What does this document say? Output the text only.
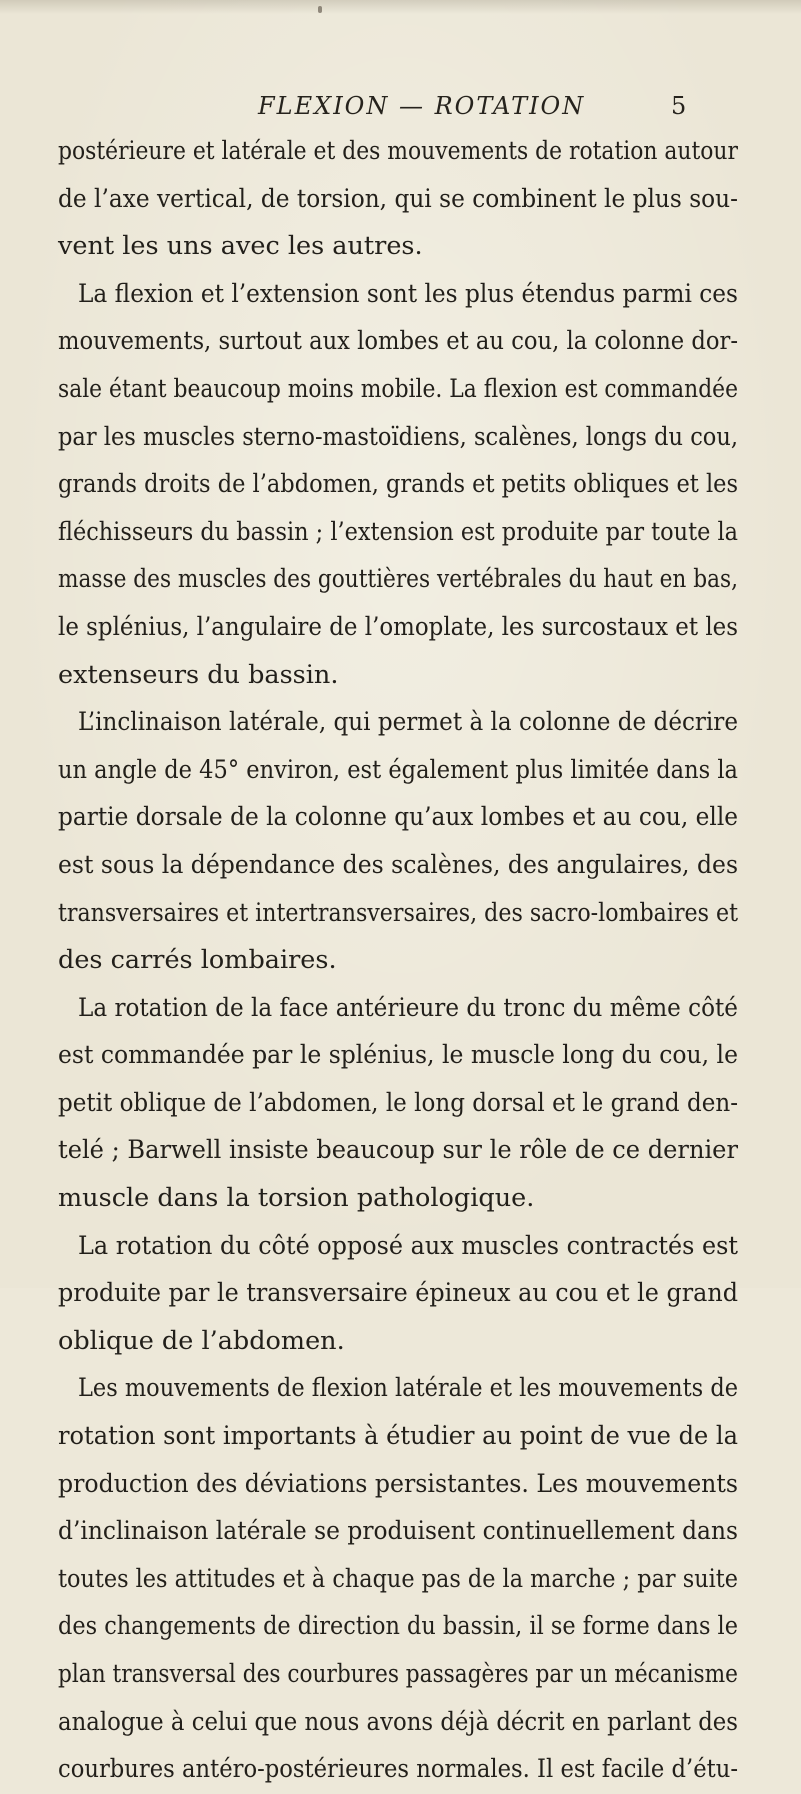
FLEXION — ROTATION	5
postérieure et latérale et des mouvements de rotation autour
de l’axe vertical, de torsion, qui se combinent le plus sou-
vent les uns avec les autres.
La flexion et l’extension sont les plus étendus parmi ces
mouvements, surtout aux lombes et au cou, la colonne dor-
sale étant beaucoup moins mobile. La flexion est commandée
par les muscles sterno-mastoïdiens, scalènes, longs du cou,
grands droits de l’abdomen, grands et petits obliques et les
fléchisseurs du bassin ; l’extension est produite par toute la
masse des muscles des gouttières vertébrales du haut en bas,
le splénius, l’angulaire de l’omoplate, les surcostaux et les
extenseurs du bassin.
L’inclinaison latérale, qui permet à la colonne de décrire
un angle de 45° environ, est également plus limitée dans la
partie dorsale de la colonne qu’aux lombes et au cou, elle
est sous la dépendance des scalènes, des angulaires, des
transversaires et intertransversaires, des sacro-lombaires et
des carrés lombaires.
La rotation de la face antérieure du tronc du même côté
est commandée par le splénius, le muscle long du cou, le
petit oblique de l’abdomen, le long dorsal et le grand den-
telé ; Barwell insiste beaucoup sur le rôle de ce dernier
muscle dans la torsion pathologique.
La rotation du côté opposé aux muscles contractés est
produite par le transversaire épineux au cou et le grand
oblique de l’abdomen.
Les mouvements de flexion latérale et les mouvements de
rotation sont importants à étudier au point de vue de la
production des déviations persistantes. Les mouvements
d’inclinaison latérale se produisent continuellement dans
toutes les attitudes et à chaque pas de la marche ; par suite
des changements de direction du bassin, il se forme dans le
plan transversal des courbures passagères par un mécanisme
analogue à celui que nous avons déjà décrit en parlant des
courbures antéro-postérieures normales. Il est facile d’étu-
